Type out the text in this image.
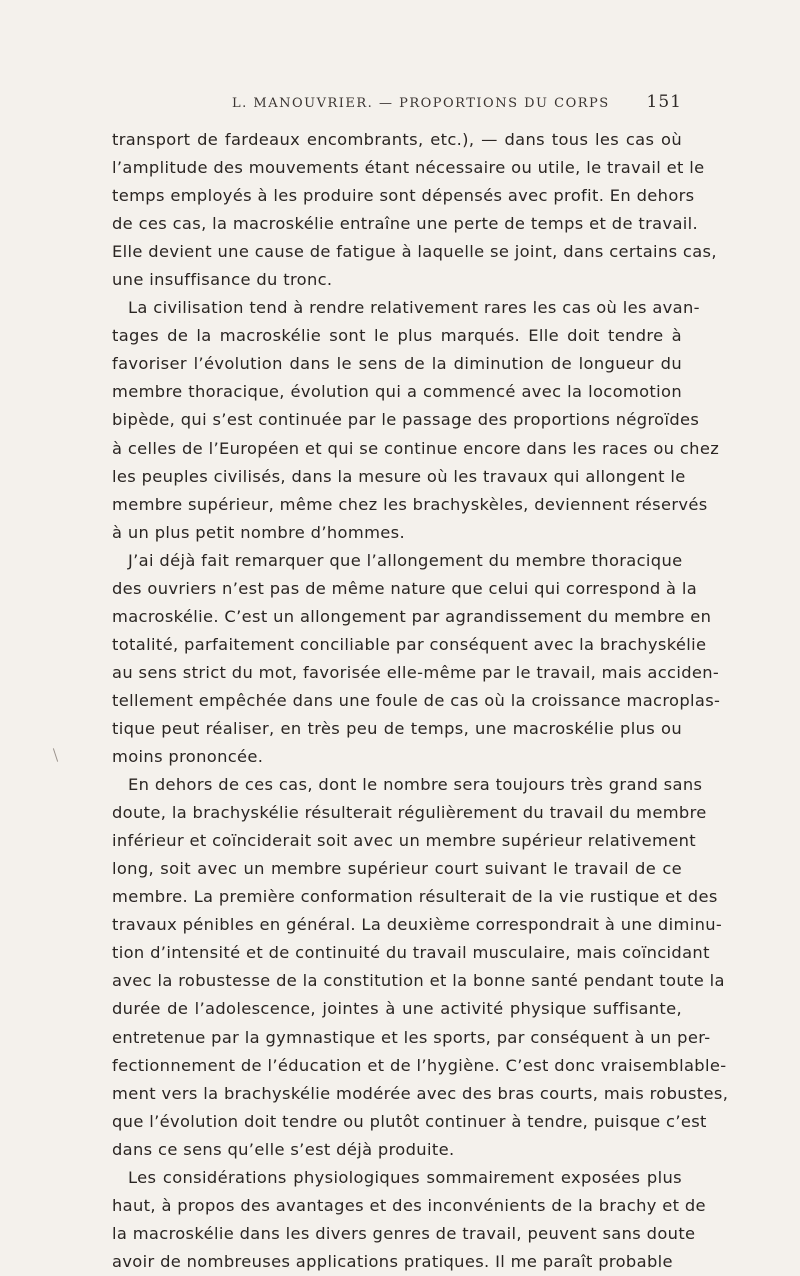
L. MANOUVRIER. — PROPORTIONS DU CORPS 151
transport de fardeaux encombrants, etc.), — dans tous les cas où
l’amplitude des mouvements étant nécessaire ou utile, le travail et le
temps employés à les produire sont dépensés avec profit. En dehors
de ces cas, la macroskélie entraîne une perte de temps et de travail.
Elle devient une cause de fatigue à laquelle se joint, dans certains cas,
une insuffisance du tronc.
La civilisation tend à rendre relativement rares les cas où les avan-
tages de la macroskélie sont le plus marqués. Elle doit tendre à
favoriser l’évolution dans le sens de la diminution de longueur du
membre thoracique, évolution qui a commencé avec la locomotion
bipède, qui s’est continuée par le passage des proportions négroïdes
à celles de l’Européen et qui se continue encore dans les races ou chez
les peuples civilisés, dans la mesure où les travaux qui allongent le
membre supérieur, même chez les brachyskèles, deviennent réservés
à un plus petit nombre d’hommes.
J’ai déjà fait remarquer que l’allongement du membre thoracique
des ouvriers n’est pas de même nature que celui qui correspond à la
macroskélie. C’est un allongement par agrandissement du membre en
totalité, parfaitement conciliable par conséquent avec la brachyskélie
au sens strict du mot, favorisée elle-même par le travail, mais acciden-
tellement empêchée dans une foule de cas où la croissance macroplas-
tique peut réaliser, en très peu de temps, une macroskélie plus ou
moins prononcée.
En dehors de ces cas, dont le nombre sera toujours très grand sans
doute, la brachyskélie résulterait régulièrement du travail du membre
inférieur et coïnciderait soit avec un membre supérieur relativement
long, soit avec un membre supérieur court suivant le travail de ce
membre. La première conformation résulterait de la vie rustique et des
travaux pénibles en général. La deuxième correspondrait à une diminu-
tion d’intensité et de continuité du travail musculaire, mais coïncidant
avec la robustesse de la constitution et la bonne santé pendant toute la
durée de l’adolescence, jointes à une activité physique suffisante,
entretenue par la gymnastique et les sports, par conséquent à un per-
fectionnement de l’éducation et de l’hygiène. C’est donc vraisemblable-
ment vers la brachyskélie modérée avec des bras courts, mais robustes,
que l’évolution doit tendre ou plutôt continuer à tendre, puisque c’est
dans ce sens qu’elle s’est déjà produite.
Les considérations physiologiques sommairement exposées plus
haut, à propos des avantages et des inconvénients de la brachy et de
la macroskélie dans les divers genres de travail, peuvent sans doute
avoir de nombreuses applications pratiques. Il me paraît probable
